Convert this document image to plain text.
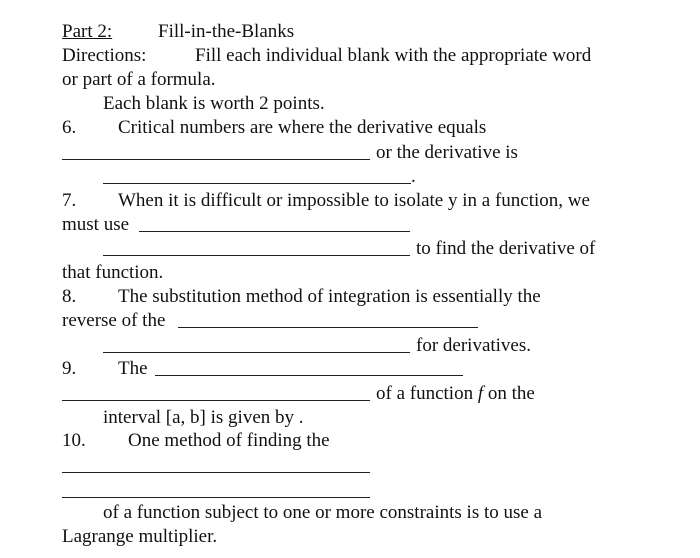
Part 2: Fill-in-the-Blanks
Directions:	Fill each individual blank with the appropriate word
or part of a formula.
Each blank is worth 2 points.
6. Critical numbers are where the derivative equals
or the derivative is
.
7. When it is difficult or impossible to isolate y in a function, we
must use
to find the derivative of
that function.
8. The substitution method of integration is essentially the
reverse of the
for derivatives.
9. The
of a function f on the
interval [a, b] is given by .
10. One method of finding the
of a function subject to one or more constraints is to use a
Lagrange multiplier.
